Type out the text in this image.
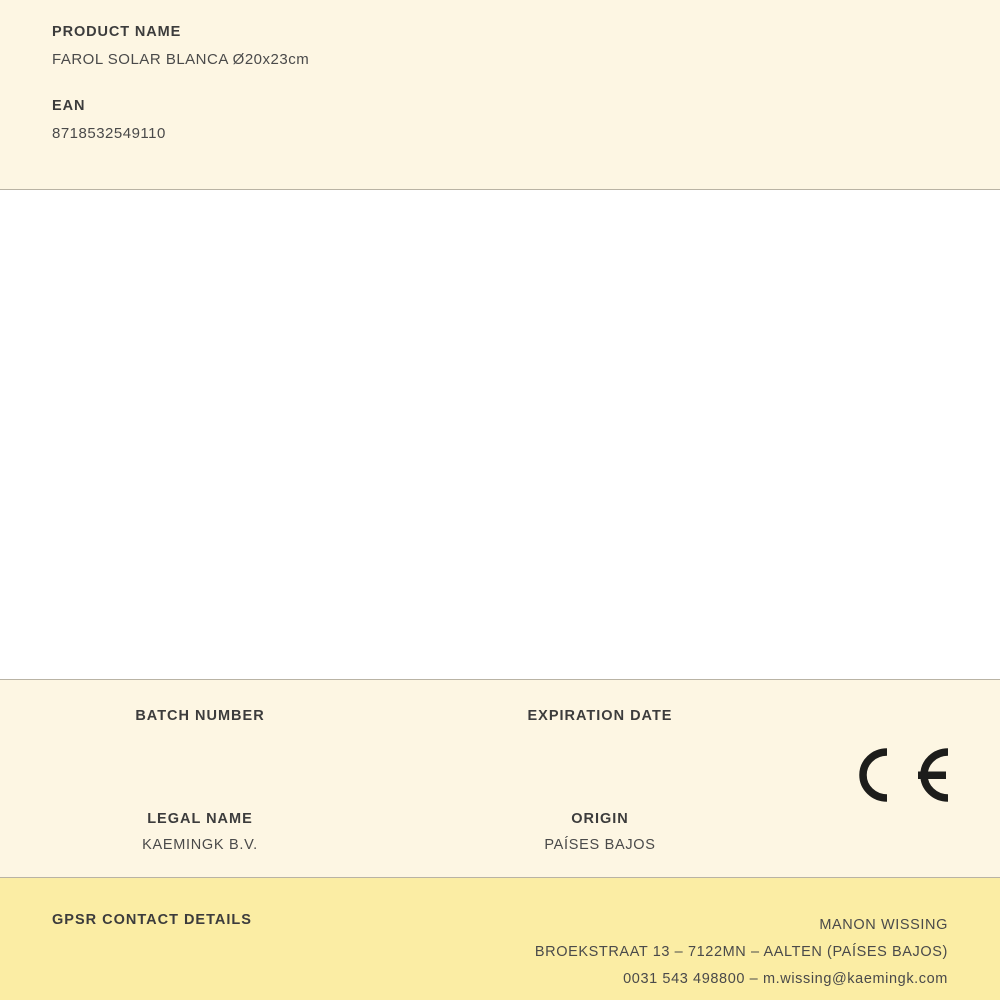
PRODUCT NAME

FAROL SOLAR BLANCA Ø20x23cm

EAN

8718532549110

BATCH NUMBER	EXPIRATION DATE

LEGAL NAME

KAEMINGK B.V.

ORIGIN

PAÍSES BAJOS

GPSR CONTACT DETAILS	MANON WISSING
BROEKSTRAAT 13 – 7122MN – AALTEN (PAÍSES BAJOS)
0031 543 498800 – m.wissing@kaemingk.com
